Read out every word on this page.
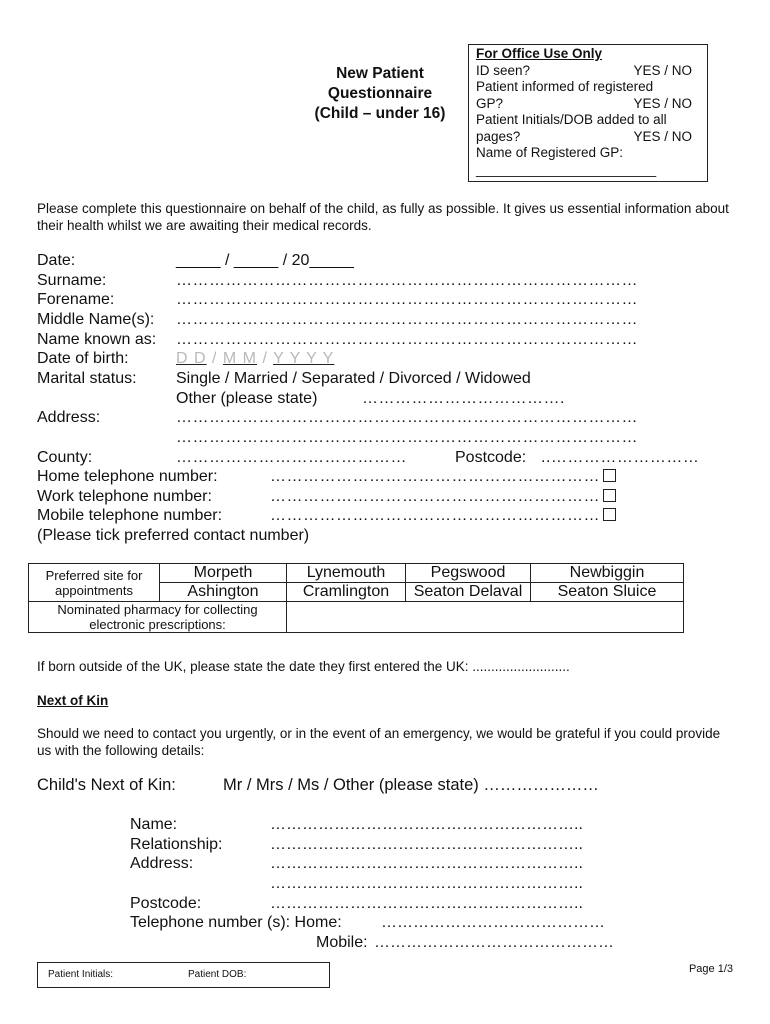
New Patient
Questionnaire
(Child – under 16)
For Office Use Only
ID seen?	YES / NO
Patient informed of registered
GP?	YES / NO
Patient Initials/DOB added to all
pages?	YES / NO
Name of Registered GP:
________________________
Please complete this questionnaire on behalf of the child, as fully as possible. It gives us essential information about their health whilst we are awaiting their medical records.
Date:	_____ / _____ / 20_____
Surname:	…………………………………………………………………………
Forename:	…………………………………………………………………………
Middle Name(s): …………………………………………………………………………
Name known as: …………………………………………………………………………
Date of birth:	D D / M M / Y Y Y Y
Marital status: Single / Married / Separated / Divorced / Widowed
Other (please state)	……………………………….
Address:	…………………………………………………………………………
…………………………………………………………………………
County:	……………………………………	Postcode: ..………………………
Home telephone number:	……………………………………………………
Work telephone number:	……………………………………………………
Mobile telephone number:	……………………………………………………
(Please tick preferred contact number)
Preferred site for appointments	Morpeth	Lynemouth	Pegswood	Newbiggin
	Ashington	Cramlington	Seaton Delaval	Seaton Sluice
Nominated pharmacy for collecting electronic prescriptions:				
If born outside of the UK, please state the date they first entered the UK: ..........................
Next of Kin
Should we need to contact you urgently, or in the event of an emergency, we would be grateful if you could provide us with the following details:
Child's Next of Kin:	Mr / Mrs / Ms / Other (please state) …………………
Name:	…………………………………………………..
Relationship:	…………………………………………………..
Address:	…………………………………………………..
…………………………………………………..
Postcode:	…………………………………………………..
Telephone number (s): Home: ……………………………………
Mobile: ………………………………………
Patient Initials:	Patient DOB:	Page 1/3
